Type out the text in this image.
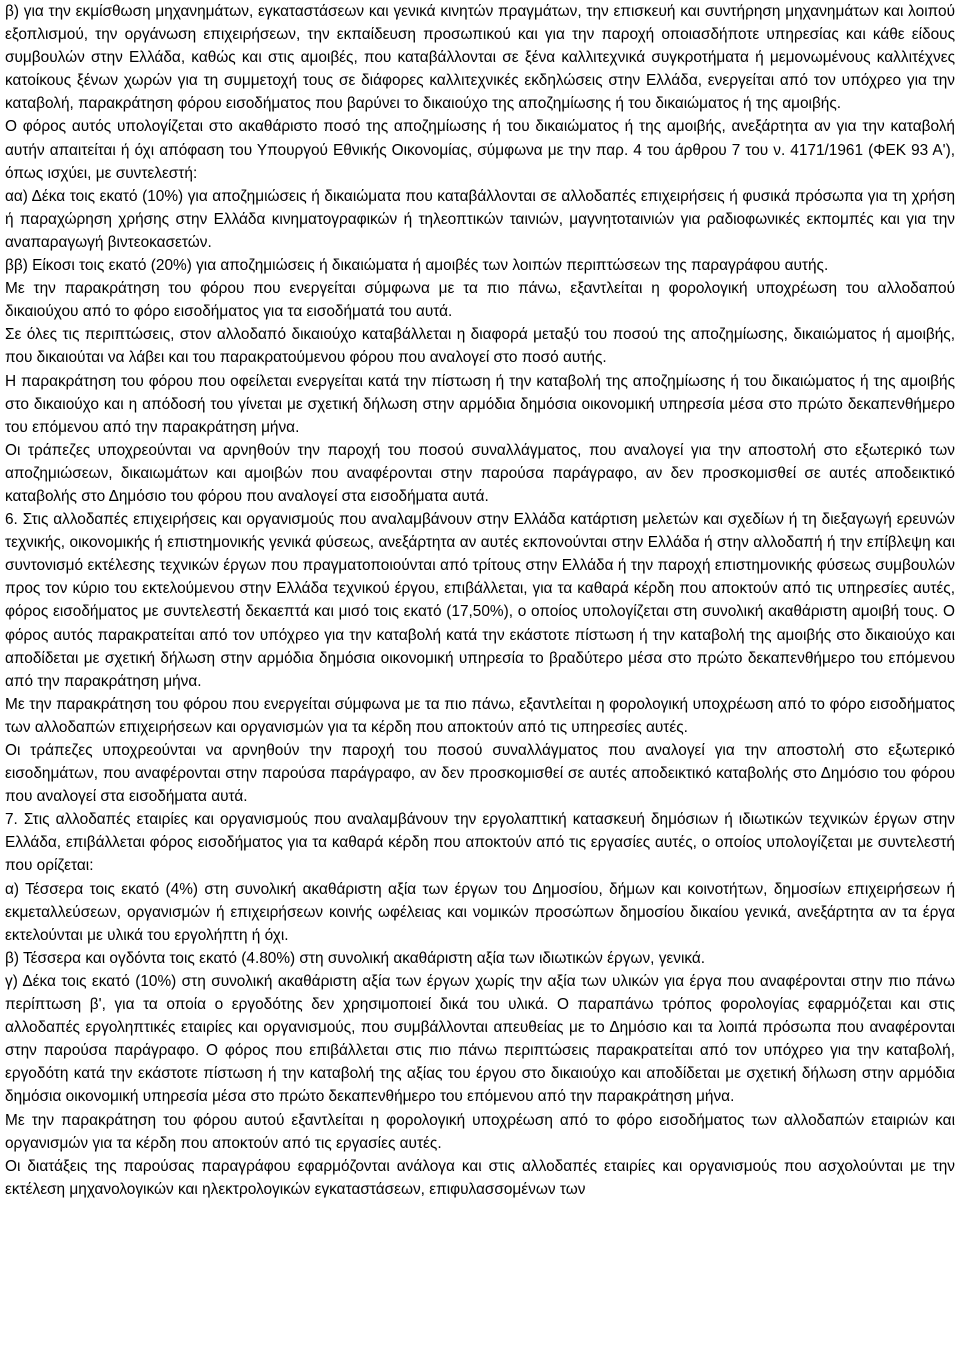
β) για την εκμίσθωση μηχανημάτων, εγκαταστάσεων και γενικά κινητών πραγμάτων, την επισκευή και συντήρηση μηχανημάτων και λοιπού εξοπλισμού, την οργάνωση επιχειρήσεων, την εκπαίδευση προσωπικού και για την παροχή οποιασδήποτε υπηρεσίας και κάθε είδους συμβουλών στην Ελλάδα, καθώς και στις αμοιβές, που καταβάλλονται σε ξένα καλλιτεχνικά συγκροτήματα ή μεμονωμένους καλλιτέχνες κατοίκους ξένων χωρών για τη συμμετοχή τους σε διάφορες καλλιτεχνικές εκδηλώσεις στην Ελλάδα, ενεργείται από τον υπόχρεο για την καταβολή, παρακράτηση φόρου εισοδήματος που βαρύνει το δικαιούχο της αποζημίωσης ή του δικαιώματος ή της αμοιβής.

Ο φόρος αυτός υπολογίζεται στο ακαθάριστο ποσό της αποζημίωσης ή του δικαιώματος ή της αμοιβής, ανεξάρτητα αν για την καταβολή αυτήν απαιτείται ή όχι απόφαση του Υπουργού Εθνικής Οικονομίας, σύμφωνα με την παρ. 4 του άρθρου 7 του ν. 4171/1961 (ΦΕΚ 93 Α'), όπως ισχύει, με συντελεστή:

αα) Δέκα τοις εκατό (10%) για αποζημιώσεις ή δικαιώματα που καταβάλλονται σε αλλοδαπές επιχειρήσεις ή φυσικά πρόσωπα για τη χρήση ή παραχώρηση χρήσης στην Ελλάδα κινηματογραφικών ή τηλεοπτικών ταινιών, μαγνητοταινιών για ραδιοφωνικές εκπομπές και για την αναπαραγωγή βιντεοκασετών.

ββ) Είκοσι τοις εκατό (20%) για αποζημιώσεις ή δικαιώματα ή αμοιβές των λοιπών περιπτώσεων της παραγράφου αυτής.

Με την παρακράτηση του φόρου που ενεργείται σύμφωνα με τα πιο πάνω, εξαντλείται η φορολογική υποχρέωση του αλλοδαπού δικαιούχου από το φόρο εισοδήματος για τα εισοδήματά του αυτά.

Σε όλες τις περιπτώσεις, στον αλλοδαπό δικαιούχο καταβάλλεται η διαφορά μεταξύ του ποσού της αποζημίωσης, δικαιώματος ή αμοιβής, που δικαιούται να λάβει και του παρακρατούμενου φόρου που αναλογεί στο ποσό αυτής.

Η παρακράτηση του φόρου που οφείλεται ενεργείται κατά την πίστωση ή την καταβολή της αποζημίωσης ή του δικαιώματος ή της αμοιβής στο δικαιούχο και η απόδοσή του γίνεται με σχετική δήλωση στην αρμόδια δημόσια οικονομική υπηρεσία μέσα στο πρώτο δεκαπενθήμερο του επόμενου από την παρακράτηση μήνα.

Οι τράπεζες υποχρεούνται να αρνηθούν την παροχή του ποσού συναλλάγματος, που αναλογεί για την αποστολή στο εξωτερικό των αποζημιώσεων, δικαιωμάτων και αμοιβών που αναφέρονται στην παρούσα παράγραφο, αν δεν προσκομισθεί σε αυτές αποδεικτικό καταβολής στο Δημόσιο του φόρου που αναλογεί στα εισοδήματα αυτά.

6. Στις αλλοδαπές επιχειρήσεις και οργανισμούς που αναλαμβάνουν στην Ελλάδα κατάρτιση μελετών και σχεδίων ή τη διεξαγωγή ερευνών τεχνικής, οικονομικής ή επιστημονικής γενικά φύσεως, ανεξάρτητα αν αυτές εκπονούνται στην Ελλάδα ή στην αλλοδαπή ή την επίβλεψη και συντονισμό εκτέλεσης τεχνικών έργων που πραγματοποιούνται από τρίτους στην Ελλάδα ή την παροχή επιστημονικής φύσεως συμβουλών προς τον κύριο του εκτελούμενου στην Ελλάδα τεχνικού έργου, επιβάλλεται, για τα καθαρά κέρδη που αποκτούν από τις υπηρεσίες αυτές, φόρος εισοδήματος με συντελεστή δεκαεπτά και μισό τοις εκατό (17,50%), ο οποίος υπολογίζεται στη συνολική ακαθάριστη αμοιβή τους. Ο φόρος αυτός παρακρατείται από τον υπόχρεο για την καταβολή κατά την εκάστοτε πίστωση ή την καταβολή της αμοιβής στο δικαιούχο και αποδίδεται με σχετική δήλωση στην αρμόδια δημόσια οικονομική υπηρεσία το βραδύτερο μέσα στο πρώτο δεκαπενθήμερο του επόμενου από την παρακράτηση μήνα.

Με την παρακράτηση του φόρου που ενεργείται σύμφωνα με τα πιο πάνω, εξαντλείται η φορολογική υποχρέωση από το φόρο εισοδήματος των αλλοδαπών επιχειρήσεων και οργανισμών για τα κέρδη που αποκτούν από τις υπηρεσίες αυτές.

Οι τράπεζες υποχρεούνται να αρνηθούν την παροχή του ποσού συναλλάγματος που αναλογεί για την αποστολή στο εξωτερικό εισοδημάτων, που αναφέρονται στην παρούσα παράγραφο, αν δεν προσκομισθεί σε αυτές αποδεικτικό καταβολής στο Δημόσιο του φόρου που αναλογεί στα εισοδήματα αυτά.

7. Στις αλλοδαπές εταιρίες και οργανισμούς που αναλαμβάνουν την εργολαπτική κατασκευή δημόσιων ή ιδιωτικών τεχνικών έργων στην Ελλάδα, επιβάλλεται φόρος εισοδήματος για τα καθαρά κέρδη που αποκτούν από τις εργασίες αυτές, ο οποίος υπολογίζεται με συντελεστή που ορίζεται:

α) Τέσσερα τοις εκατό (4%) στη συνολική ακαθάριστη αξία των έργων του Δημοσίου, δήμων και κοινοτήτων, δημοσίων επιχειρήσεων ή εκμεταλλεύσεων, οργανισμών ή επιχειρήσεων κοινής ωφέλειας και νομικών προσώπων δημοσίου δικαίου γενικά, ανεξάρτητα αν τα έργα εκτελούνται με υλικά του εργολήπτη ή όχι.

β) Τέσσερα και ογδόντα τοις εκατό (4.80%) στη συνολική ακαθάριστη αξία των ιδιωτικών έργων, γενικά.

γ) Δέκα τοις εκατό (10%) στη συνολική ακαθάριστη αξία των έργων χωρίς την αξία των υλικών για έργα που αναφέρονται στην πιο πάνω περίπτωση β', για τα οποία ο εργοδότης δεν χρησιμοποιεί δικά του υλικά. Ο παραπάνω τρόπος φορολογίας εφαρμόζεται και στις αλλοδαπές εργοληπτικές εταιρίες και οργανισμούς, που συμβάλλονται απευθείας με το Δημόσιο και τα λοιπά πρόσωπα που αναφέρονται στην παρούσα παράγραφο. Ο φόρος που επιβάλλεται στις πιο πάνω περιπτώσεις παρακρατείται από τον υπόχρεο για την καταβολή, εργοδότη κατά την εκάστοτε πίστωση ή την καταβολή της αξίας του έργου στο δικαιούχο και αποδίδεται με σχετική δήλωση στην αρμόδια δημόσια οικονομική υπηρεσία μέσα στο πρώτο δεκαπενθήμερο του επόμενου από την παρακράτηση μήνα.

Με την παρακράτηση του φόρου αυτού εξαντλείται η φορολογική υποχρέωση από το φόρο εισοδήματος των αλλοδαπών εταιριών και οργανισμών για τα κέρδη που αποκτούν από τις εργασίες αυτές.

Οι διατάξεις της παρούσας παραγράφου εφαρμόζονται ανάλογα και στις αλλοδαπές εταιρίες και οργανισμούς που ασχολούνται με την εκτέλεση μηχανολογικών και ηλεκτρολογικών εγκαταστάσεων, επιφυλασσομένων των
